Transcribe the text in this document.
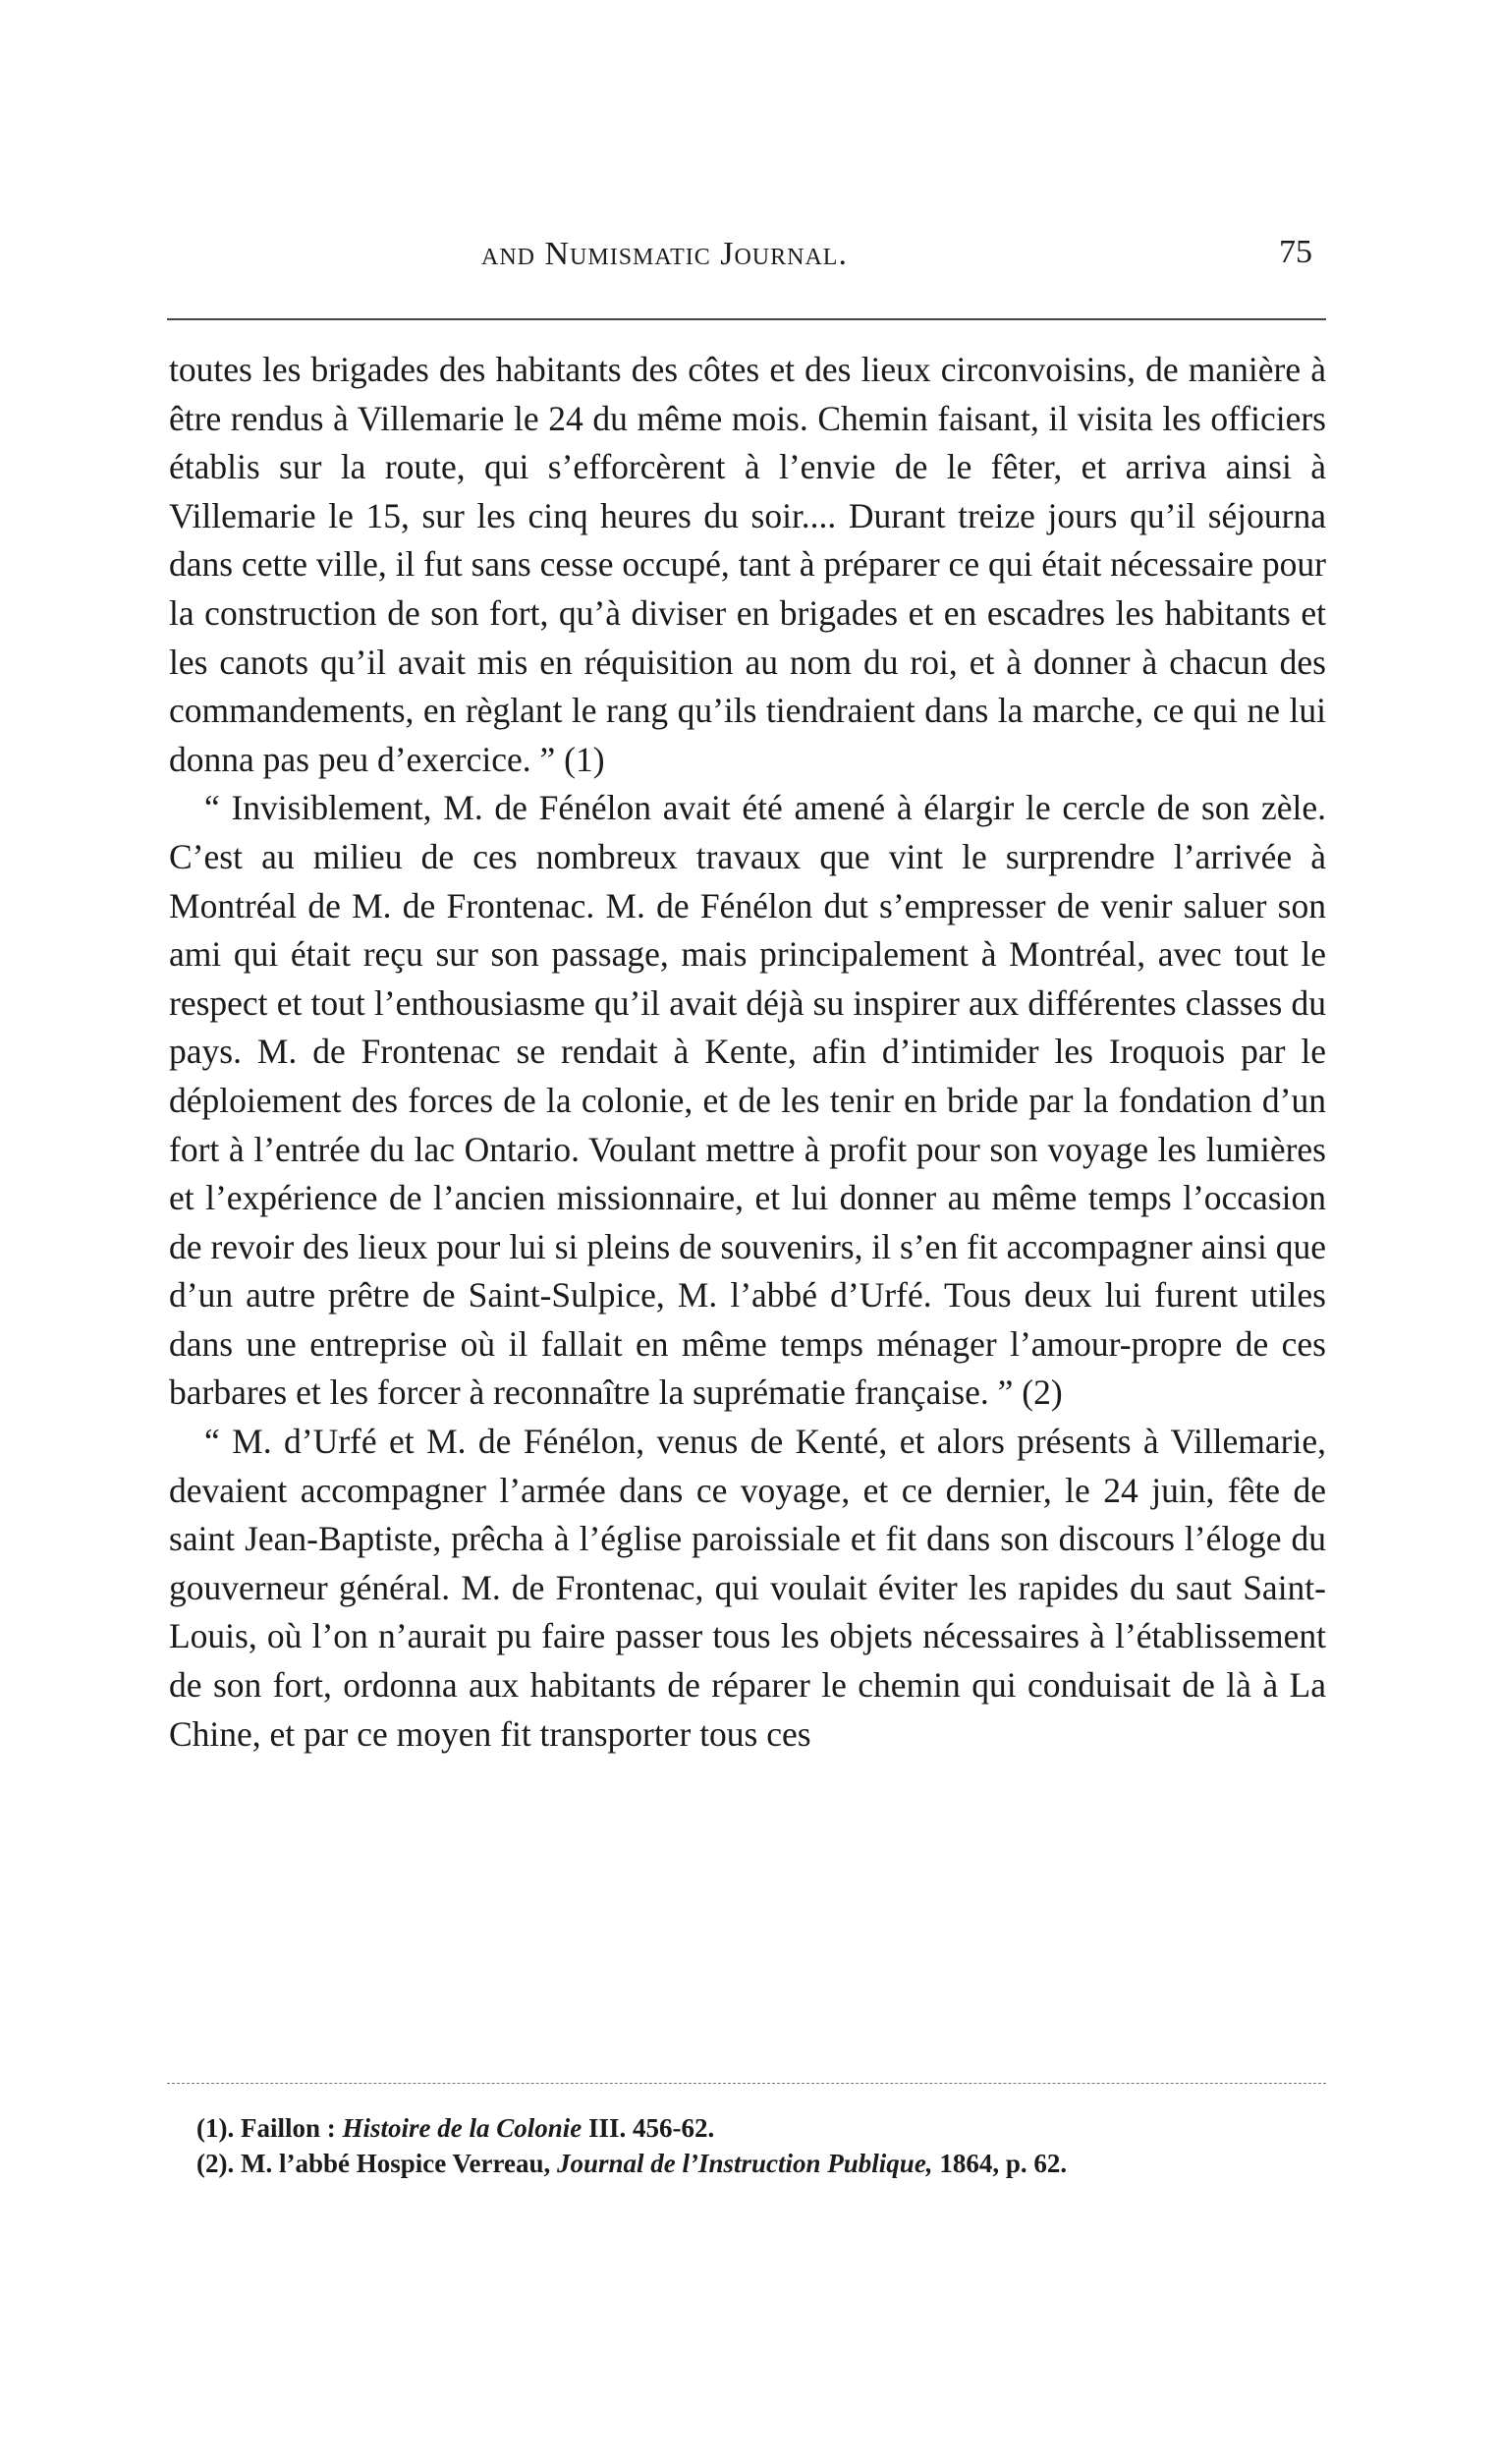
and Numismatic Journal.	75

toutes les brigades des habitants des côtes et des lieux circonvoisins, de manière à être rendus à Villemarie le 24 du même mois. Chemin faisant, il visita les officiers établis sur la route, qui s’efforcèrent à l’envie de le fêter, et arriva ainsi à Villemarie le 15, sur les cinq heures du soir.... Durant treize jours qu’il séjourna dans cette ville, il fut sans cesse occupé, tant à préparer ce qui était nécessaire pour la construction de son fort, qu’à diviser en brigades et en escadres les habitants et les canots qu’il avait mis en réquisition au nom du roi, et à donner à chacun des commandements, en règlant le rang qu’ils tiendraient dans la marche, ce qui ne lui donna pas peu d’exercice. ” (1)

“ Invisiblement, M. de Fénélon avait été amené à élargir le cercle de son zèle. C’est au milieu de ces nombreux travaux que vint le surprendre l’arrivée à Montréal de M. de Frontenac. M. de Fénélon dut s’empresser de venir saluer son ami qui était reçu sur son passage, mais principalement à Montréal, avec tout le respect et tout l’enthousiasme qu’il avait déjà su inspirer aux différentes classes du pays. M. de Frontenac se rendait à Kente, afin d’intimider les Iroquois par le déploiement des forces de la colonie, et de les tenir en bride par la fondation d’un fort à l’entrée du lac Ontario. Voulant mettre à profit pour son voyage les lumières et l’expérience de l’ancien missionnaire, et lui donner au même temps l’occasion de revoir des lieux pour lui si pleins de souvenirs, il s’en fit accompagner ainsi que d’un autre prêtre de Saint-Sulpice, M. l’abbé d’Urfé. Tous deux lui furent utiles dans une entreprise où il fallait en même temps ménager l’amour-propre de ces barbares et les forcer à reconnaître la suprématie française. ” (2)

“ M. d’Urfé et M. de Fénélon, venus de Kenté, et alors présents à Villemarie, devaient accompagner l’armée dans ce voyage, et ce dernier, le 24 juin, fête de saint Jean-Baptiste, prêcha à l’église paroissiale et fit dans son discours l’éloge du gouverneur général. M. de Frontenac, qui voulait éviter les rapides du saut Saint-Louis, où l’on n’aurait pu faire passer tous les objets nécessaires à l’établissement de son fort, ordonna aux habitants de réparer le chemin qui conduisait de là à La Chine, et par ce moyen fit transporter tous ces

(1). Faillon : Histoire de la Colonie III. 456-62.

(2). M. l’abbé Hospice Verreau, Journal de l’Instruction Publique, 1864, p. 62.
